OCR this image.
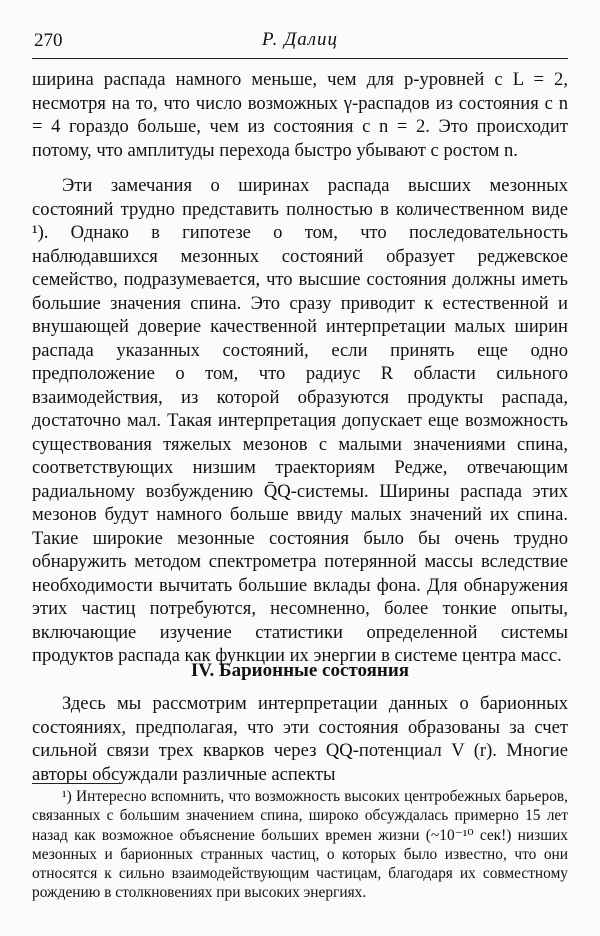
270	Р. Далиц
ширина распада намного меньше, чем для p-уровней с L = 2, несмотря на то, что число возможных γ-распадов из состояния с n = 4 гораздо больше, чем из состояния с n = 2. Это происходит потому, что амплитуды перехода быстро убывают с ростом n.
Эти замечания о ширинах распада высших мезонных состояний трудно представить полностью в количественном виде ¹). Однако в гипотезе о том, что последовательность наблюдавшихся мезонных состояний образует реджевское семейство, подразумевается, что высшие состояния должны иметь большие значения спина. Это сразу приводит к естественной и внушающей доверие качественной интерпретации малых ширин распада указанных состояний, если принять еще одно предположение о том, что радиус R области сильного взаимодействия, из которой образуются продукты распада, достаточно мал. Такая интерпретация допускает еще возможность существования тяжелых мезонов с малыми значениями спина, соответствующих низшим траекториям Редже, отвечающим радиальному возбуждению Q̄Q-системы. Ширины распада этих мезонов будут намного больше ввиду малых значений их спина. Такие широкие мезонные состояния было бы очень трудно обнаружить методом спектрометра потерянной массы вследствие необходимости вычитать большие вклады фона. Для обнаружения этих частиц потребуются, несомненно, более тонкие опыты, включающие изучение статистики определенной системы продуктов распада как функции их энергии в системе центра масс.
IV. Барионные состояния
Здесь мы рассмотрим интерпретации данных о барионных состояниях, предполагая, что эти состояния образованы за счет сильной связи трех кварков через QQ-потенциал V (r). Многие авторы обсуждали различные аспекты
¹) Интересно вспомнить, что возможность высоких центробежных барьеров, связанных с большим значением спина, широко обсуждалась примерно 15 лет назад как возможное объяснение больших времен жизни (~10⁻¹⁰ сек!) низших мезонных и барионных странных частиц, о которых было известно, что они относятся к сильно взаимодействующим частицам, благодаря их совместному рождению в столкновениях при высоких энергиях.
